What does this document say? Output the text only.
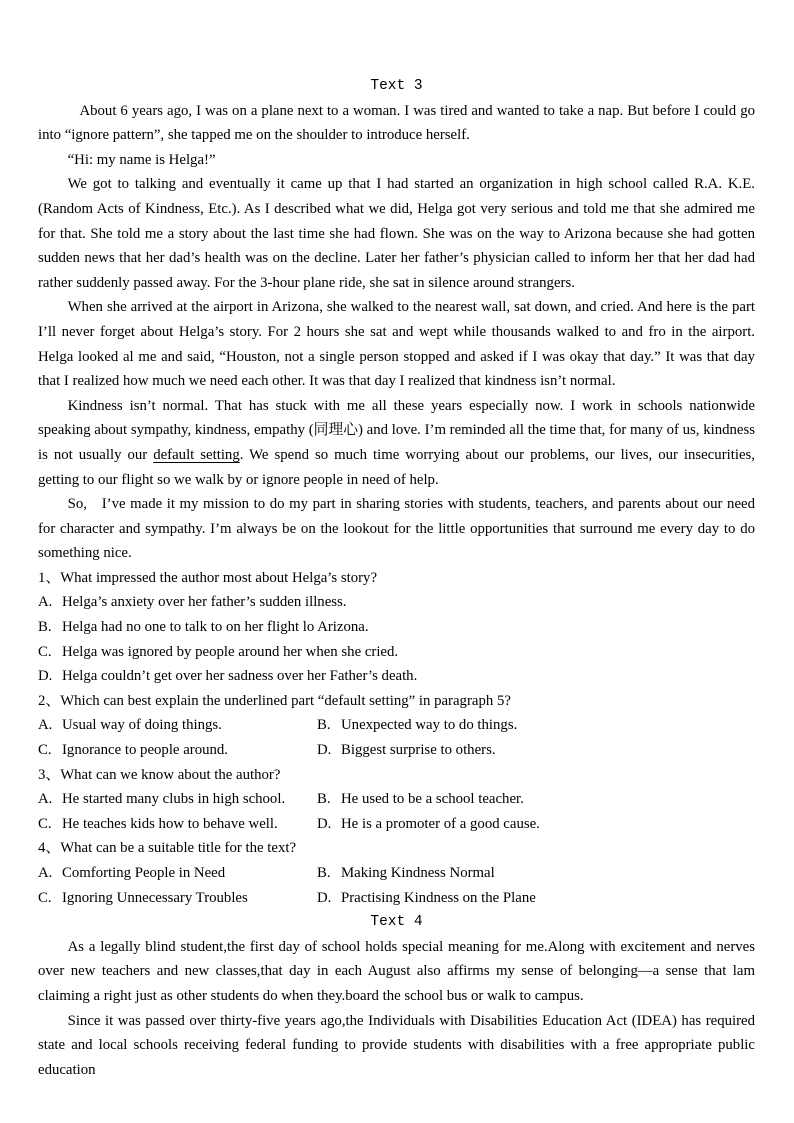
Text 3

About 6 years ago, I was on a plane next to a woman. I was tired and wanted to take a nap. But before I could go into “ignore pattern”, she tapped me on the shoulder to introduce herself.

“Hi: my name is Helga!”

We got to talking and eventually it came up that I had started an organization in high school called R.A. K.E.(Random Acts of Kindness, Etc.). As I described what we did, Helga got very serious and told me that she admired me for that. She told me a story about the last time she had flown. She was on the way to Arizona because she had gotten sudden news that her dad’s health was on the decline. Later her father’s physician called to inform her that her dad had rather suddenly passed away. For the 3-hour plane ride, she sat in silence around strangers.

When she arrived at the airport in Arizona, she walked to the nearest wall, sat down, and cried. And here is the part I’ll never forget about Helga’s story. For 2 hours she sat and wept while thousands walked to and fro in the airport. Helga looked al me and said, “Houston, not a single person stopped and asked if I was okay that day.” It was that day that I realized how much we need each other. It was that day I realized that kindness isn’t normal.

Kindness isn’t normal. That has stuck with me all these years especially now. I work in schools nationwide speaking about sympathy, kindness, empathy (同理心) and love. I’m reminded all the time that, for many of us, kindness is not usually our default setting. We spend so much time worrying about our problems, our lives, our insecurities, getting to our flight so we walk by or ignore people in need of help.

So, I’ve made it my mission to do my part in sharing stories with students, teachers, and parents about our need for character and sympathy. I’m always be on the lookout for the little opportunities that surround me every day to do something nice.

1、What impressed the author most about Helga’s story?

A. Helga’s anxiety over her father’s sudden illness.

B. Helga had no one to talk to on her flight lo Arizona.

C. Helga was ignored by people around her when she cried.

D. Helga couldn’t get over her sadness over her Father’s death.

2、Which can best explain the underlined part “default setting” in paragraph 5?

A. Usual way of doing things.	B. Unexpected way to do things.

C. Ignorance to people around.	D. Biggest surprise to others.

3、What can we know about the author?

A. He started many clubs in high school.	B. He used to be a school teacher.

C. He teaches kids how to behave well.	D. He is a promoter of a good cause.

4、What can be a suitable title for the text?

A. Comforting People in Need	B. Making Kindness Normal

C. Ignoring Unnecessary Troubles	D. Practising Kindness on the Plane

Text 4

As a legally blind student,the first day of school holds special meaning for me.Along with excitement and nerves over new teachers and new classes,that day in each August also affirms my sense of belonging—a sense that lam claiming a right just as other students do when they.board the school bus or walk to campus.

Since it was passed over thirty-five years ago,the Individuals with Disabilities Education Act (IDEA) has required state and local schools receiving federal funding to provide students with disabilities with a free appropriate public education
